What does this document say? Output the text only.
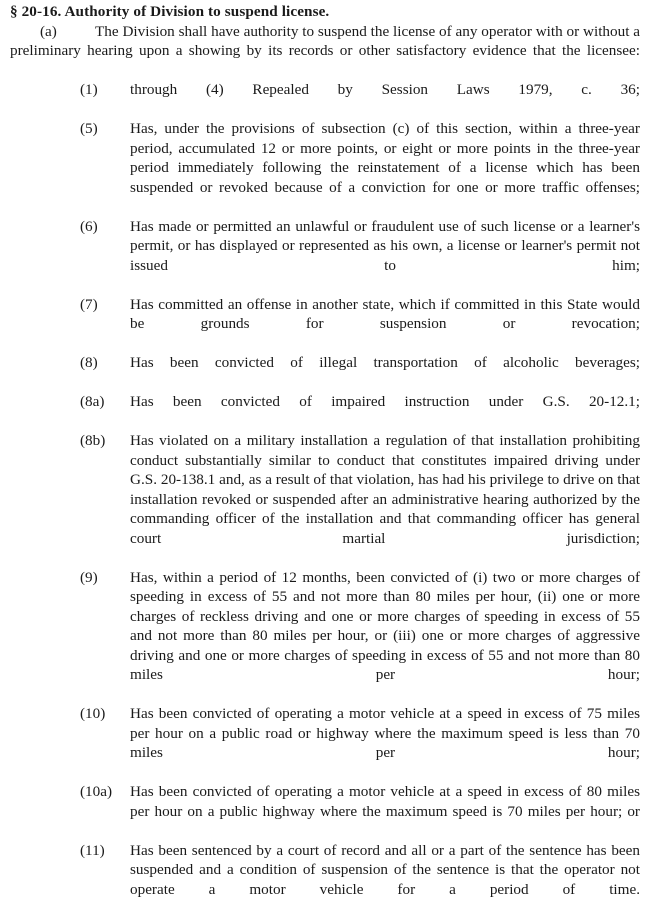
§ 20-16. Authority of Division to suspend license.

(a)	The Division shall have authority to suspend the license of any operator with or without a preliminary hearing upon a showing by its records or other satisfactory evidence that the licensee:

(1)	through (4) Repealed by Session Laws 1979, c. 36;
(5)	Has, under the provisions of subsection (c) of this section, within a three-year period, accumulated 12 or more points, or eight or more points in the three-year period immediately following the reinstatement of a license which has been suspended or revoked because of a conviction for one or more traffic offenses;
(6)	Has made or permitted an unlawful or fraudulent use of such license or a learner's permit, or has displayed or represented as his own, a license or learner's permit not issued to him;
(7)	Has committed an offense in another state, which if committed in this State would be grounds for suspension or revocation;
(8)	Has been convicted of illegal transportation of alcoholic beverages;
(8a)	Has been convicted of impaired instruction under G.S. 20-12.1;
(8b)	Has violated on a military installation a regulation of that installation prohibiting conduct substantially similar to conduct that constitutes impaired driving under G.S. 20-138.1 and, as a result of that violation, has had his privilege to drive on that installation revoked or suspended after an administrative hearing authorized by the commanding officer of the installation and that commanding officer has general court martial jurisdiction;
(9)	Has, within a period of 12 months, been convicted of (i) two or more charges of speeding in excess of 55 and not more than 80 miles per hour, (ii) one or more charges of reckless driving and one or more charges of speeding in excess of 55 and not more than 80 miles per hour, or (iii) one or more charges of aggressive driving and one or more charges of speeding in excess of 55 and not more than 80 miles per hour;
(10)	Has been convicted of operating a motor vehicle at a speed in excess of 75 miles per hour on a public road or highway where the maximum speed is less than 70 miles per hour;
(10a)	Has been convicted of operating a motor vehicle at a speed in excess of 80 miles per hour on a public highway where the maximum speed is 70 miles per hour; or
(11)	Has been sentenced by a court of record and all or a part of the sentence has been suspended and a condition of suspension of the sentence is that the operator not operate a motor vehicle for a period of time.
